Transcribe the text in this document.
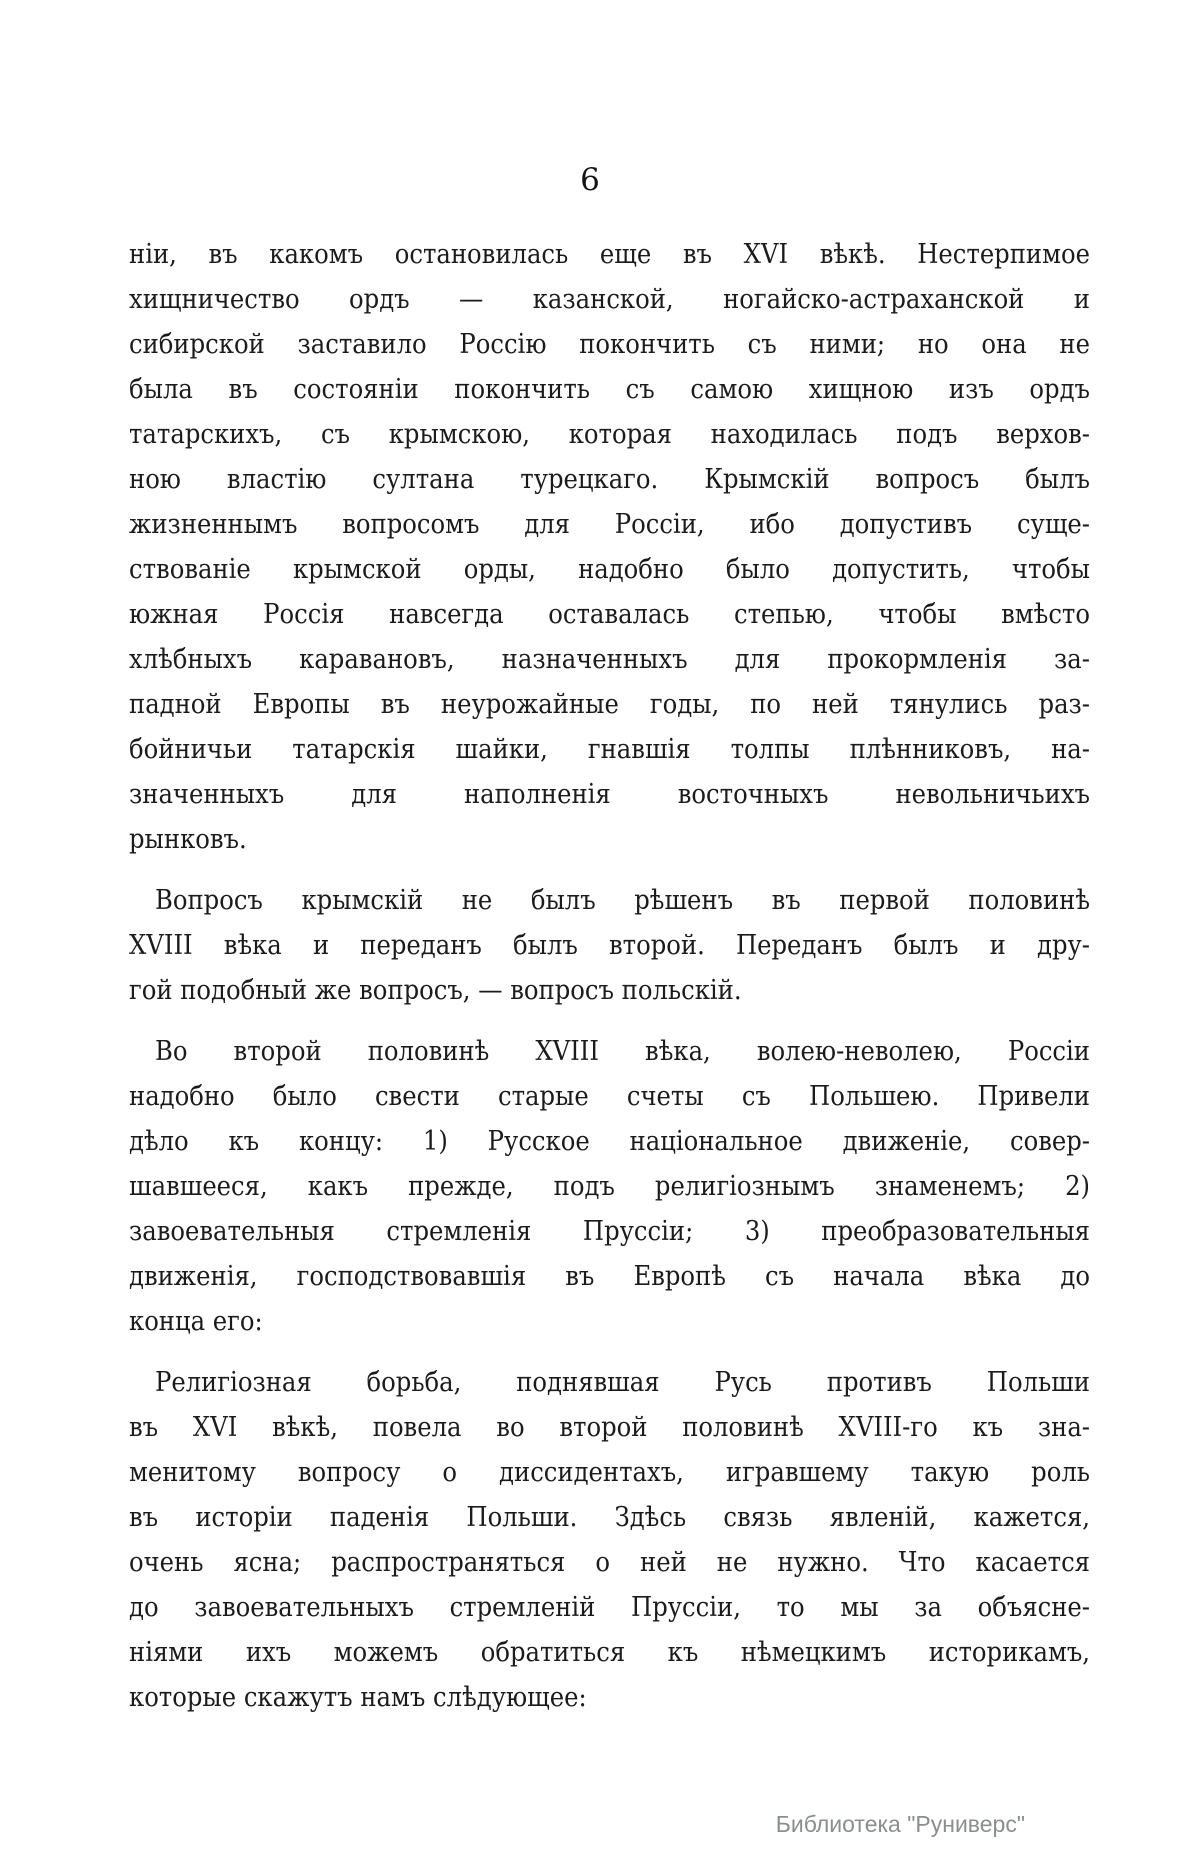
6

ніи, въ какомъ остановилась еще въ XVI вѣкѣ. Нестерпимое
хищничество ордъ — казанской, ногайско-астраханской и
сибирской заставило Россію покончить съ ними; но она не
была въ состояніи покончить съ самою хищною изъ ордъ
татарскихъ, съ крымскою, которая находилась подъ верхов-
ною властію султана турецкаго. Крымскій вопросъ былъ
жизненнымъ вопросомъ для Россіи, ибо допустивъ суще-
ствованіе крымской орды, надобно было допустить, чтобы
южная Россія навсегда оставалась степью, чтобы вмѣсто
хлѣбныхъ каравановъ, назначенныхъ для прокормленія за-
падной Европы въ неурожайные годы, по ней тянулись раз-
бойничьи татарскія шайки, гнавшія толпы плѣнниковъ, на-
значенныхъ для наполненія восточныхъ невольничьихъ
рынковъ.

Вопросъ крымскій не былъ рѣшенъ въ первой половинѣ
XVIII вѣка и переданъ былъ второй. Переданъ былъ и дру-
гой подобный же вопросъ, — вопросъ польскій.

Во второй половинѣ XVIII вѣка, волею-неволею, Россіи
надобно было свести старые счеты съ Польшею. Привели
дѣло къ концу: 1) Русское національное движеніе, совер-
шавшееся, какъ прежде, подъ религіознымъ знаменемъ; 2)
завоевательныя стремленія Пруссіи; 3) преобразовательныя
движенія, господствовавшія въ Европѣ съ начала вѣка до
конца его:

Религіозная борьба, поднявшая Русь противъ Польши
въ XVI вѣкѣ, повела во второй половинѣ XVIII-го къ зна-
менитому вопросу о диссидентахъ, игравшему такую роль
въ исторіи паденія Польши. Здѣсь связь явленій, кажется,
очень ясна; распространяться о ней не нужно. Что касается
до завоевательныхъ стремленій Пруссіи, то мы за объясне-
ніями ихъ можемъ обратиться къ нѣмецкимъ историкамъ,
которые скажутъ намъ слѣдующее:

Библиотека "Руниверс"
